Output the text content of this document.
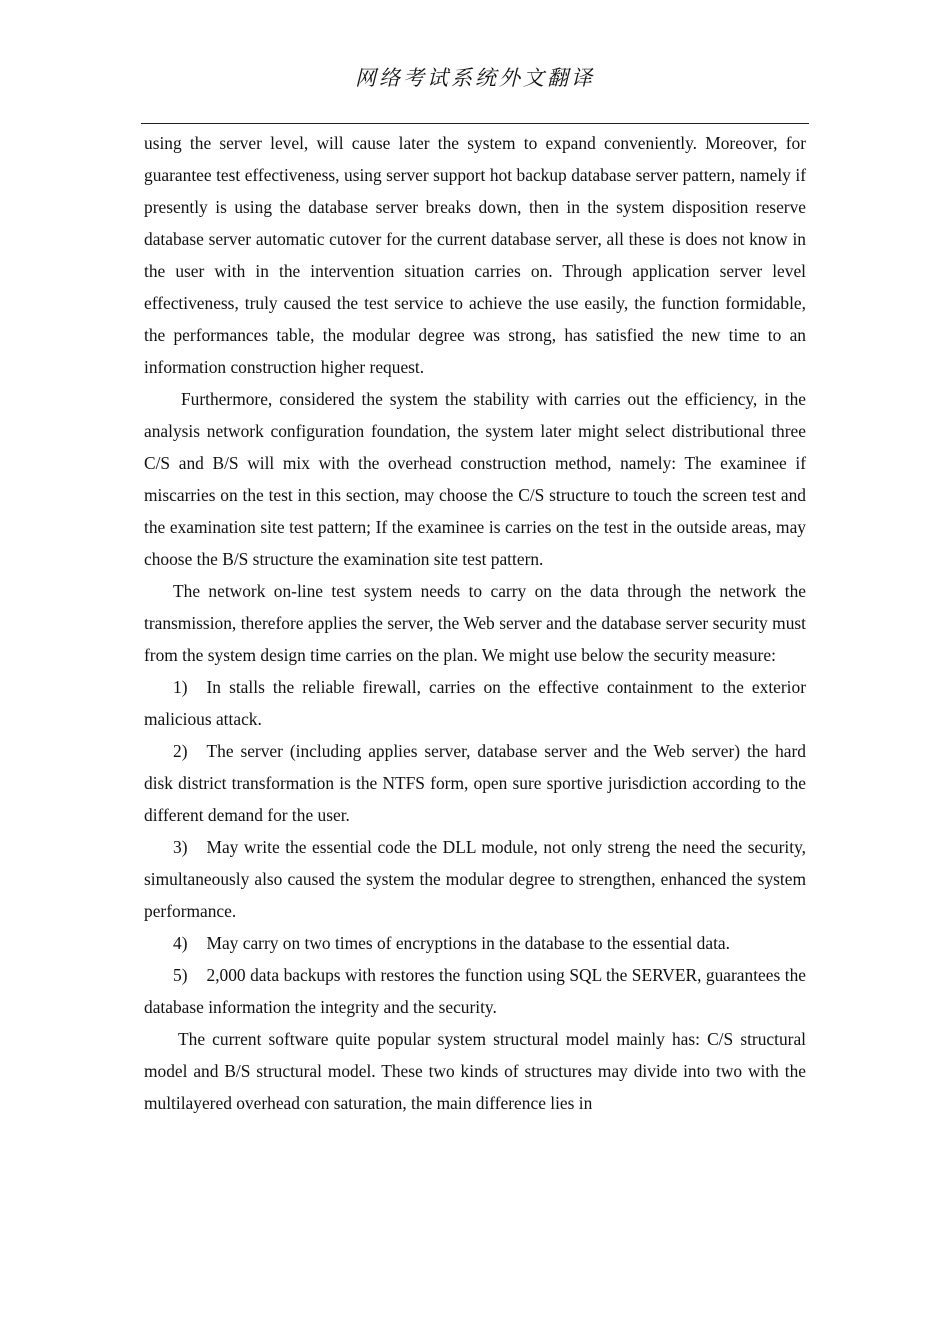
网络考试系统外文翻译

using the server level, will cause later the system to expand conveniently. Moreover, for guarantee test effectiveness, using server support hot backup database server pattern, namely if presently is using the database server breaks down, then in the system disposition reserve database server automatic cutover for the current database server, all these is does not know in the user with in the intervention situation carries on. Through application server level effectiveness, truly caused the test service to achieve the use easily, the function formidable, the performances table, the modular degree was strong, has satisfied the new time to an information construction higher request.

Furthermore, considered the system the stability with carries out the efficiency, in the analysis network configuration foundation, the system later might select distributional three C/S and B/S will mix with the overhead construction method, namely: The examinee if miscarries on the test in this section, may choose the C/S structure to touch the screen test and the examination site test pattern; If the examinee is carries on the test in the outside areas, may choose the B/S structure the examination site test pattern.

The network on-line test system needs to carry on the data through the network the transmission, therefore applies the server, the Web server and the database server security must from the system design time carries on the plan. We might use below the security measure:

1) In stalls the reliable firewall, carries on the effective containment to the exterior malicious attack.

2) The server (including applies server, database server and the Web server) the hard disk district transformation is the NTFS form, open sure sportive jurisdiction according to the different demand for the user.

3) May write the essential code the DLL module, not only streng the need the security, simultaneously also caused the system the modular degree to strengthen, enhanced the system performance.

4) May carry on two times of encryptions in the database to the essential data.

5) 2,000 data backups with restores the function using SQL the SERVER, guarantees the database information the integrity and the security.

The current software quite popular system structural model mainly has: C/S structural model and B/S structural model. These two kinds of structures may divide into two with the multilayered overhead con saturation, the main difference lies in
